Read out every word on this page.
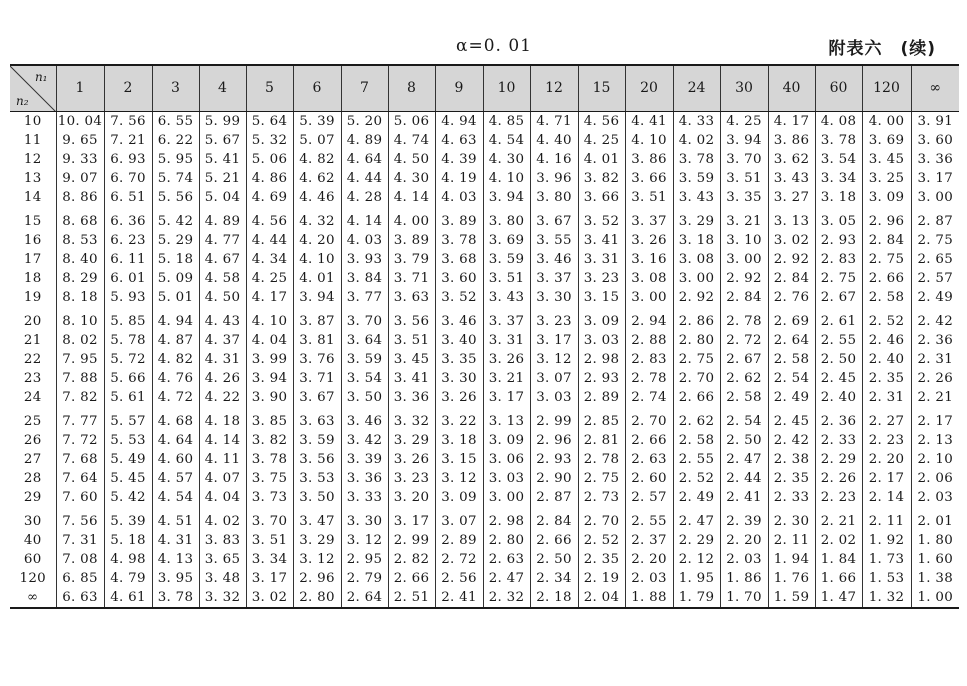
α=0. 01	附表六　(续)
n₁
n₂	1	2	3	4	5	6	7	8	9	10	12	15	20	24	30	40	60	120	∞
10	10. 04	7. 56	6. 55	5. 99	5. 64	5. 39	5. 20	5. 06	4. 94	4. 85	4. 71	4. 56	4. 41	4. 33	4. 25	4. 17	4. 08	4. 00	3. 91
11	9. 65	7. 21	6. 22	5. 67	5. 32	5. 07	4. 89	4. 74	4. 63	4. 54	4. 40	4. 25	4. 10	4. 02	3. 94	3. 86	3. 78	3. 69	3. 60
12	9. 33	6. 93	5. 95	5. 41	5. 06	4. 82	4. 64	4. 50	4. 39	4. 30	4. 16	4. 01	3. 86	3. 78	3. 70	3. 62	3. 54	3. 45	3. 36
13	9. 07	6. 70	5. 74	5. 21	4. 86	4. 62	4. 44	4. 30	4. 19	4. 10	3. 96	3. 82	3. 66	3. 59	3. 51	3. 43	3. 34	3. 25	3. 17
14	8. 86	6. 51	5. 56	5. 04	4. 69	4. 46	4. 28	4. 14	4. 03	3. 94	3. 80	3. 66	3. 51	3. 43	3. 35	3. 27	3. 18	3. 09	3. 00
15	8. 68	6. 36	5. 42	4. 89	4. 56	4. 32	4. 14	4. 00	3. 89	3. 80	3. 67	3. 52	3. 37	3. 29	3. 21	3. 13	3. 05	2. 96	2. 87
16	8. 53	6. 23	5. 29	4. 77	4. 44	4. 20	4. 03	3. 89	3. 78	3. 69	3. 55	3. 41	3. 26	3. 18	3. 10	3. 02	2. 93	2. 84	2. 75
17	8. 40	6. 11	5. 18	4. 67	4. 34	4. 10	3. 93	3. 79	3. 68	3. 59	3. 46	3. 31	3. 16	3. 08	3. 00	2. 92	2. 83	2. 75	2. 65
18	8. 29	6. 01	5. 09	4. 58	4. 25	4. 01	3. 84	3. 71	3. 60	3. 51	3. 37	3. 23	3. 08	3. 00	2. 92	2. 84	2. 75	2. 66	2. 57
19	8. 18	5. 93	5. 01	4. 50	4. 17	3. 94	3. 77	3. 63	3. 52	3. 43	3. 30	3. 15	3. 00	2. 92	2. 84	2. 76	2. 67	2. 58	2. 49
20	8. 10	5. 85	4. 94	4. 43	4. 10	3. 87	3. 70	3. 56	3. 46	3. 37	3. 23	3. 09	2. 94	2. 86	2. 78	2. 69	2. 61	2. 52	2. 42
21	8. 02	5. 78	4. 87	4. 37	4. 04	3. 81	3. 64	3. 51	3. 40	3. 31	3. 17	3. 03	2. 88	2. 80	2. 72	2. 64	2. 55	2. 46	2. 36
22	7. 95	5. 72	4. 82	4. 31	3. 99	3. 76	3. 59	3. 45	3. 35	3. 26	3. 12	2. 98	2. 83	2. 75	2. 67	2. 58	2. 50	2. 40	2. 31
23	7. 88	5. 66	4. 76	4. 26	3. 94	3. 71	3. 54	3. 41	3. 30	3. 21	3. 07	2. 93	2. 78	2. 70	2. 62	2. 54	2. 45	2. 35	2. 26
24	7. 82	5. 61	4. 72	4. 22	3. 90	3. 67	3. 50	3. 36	3. 26	3. 17	3. 03	2. 89	2. 74	2. 66	2. 58	2. 49	2. 40	2. 31	2. 21
25	7. 77	5. 57	4. 68	4. 18	3. 85	3. 63	3. 46	3. 32	3. 22	3. 13	2. 99	2. 85	2. 70	2. 62	2. 54	2. 45	2. 36	2. 27	2. 17
26	7. 72	5. 53	4. 64	4. 14	3. 82	3. 59	3. 42	3. 29	3. 18	3. 09	2. 96	2. 81	2. 66	2. 58	2. 50	2. 42	2. 33	2. 23	2. 13
27	7. 68	5. 49	4. 60	4. 11	3. 78	3. 56	3. 39	3. 26	3. 15	3. 06	2. 93	2. 78	2. 63	2. 55	2. 47	2. 38	2. 29	2. 20	2. 10
28	7. 64	5. 45	4. 57	4. 07	3. 75	3. 53	3. 36	3. 23	3. 12	3. 03	2. 90	2. 75	2. 60	2. 52	2. 44	2. 35	2. 26	2. 17	2. 06
29	7. 60	5. 42	4. 54	4. 04	3. 73	3. 50	3. 33	3. 20	3. 09	3. 00	2. 87	2. 73	2. 57	2. 49	2. 41	2. 33	2. 23	2. 14	2. 03
30	7. 56	5. 39	4. 51	4. 02	3. 70	3. 47	3. 30	3. 17	3. 07	2. 98	2. 84	2. 70	2. 55	2. 47	2. 39	2. 30	2. 21	2. 11	2. 01
40	7. 31	5. 18	4. 31	3. 83	3. 51	3. 29	3. 12	2. 99	2. 89	2. 80	2. 66	2. 52	2. 37	2. 29	2. 20	2. 11	2. 02	1. 92	1. 80
60	7. 08	4. 98	4. 13	3. 65	3. 34	3. 12	2. 95	2. 82	2. 72	2. 63	2. 50	2. 35	2. 20	2. 12	2. 03	1. 94	1. 84	1. 73	1. 60
120	6. 85	4. 79	3. 95	3. 48	3. 17	2. 96	2. 79	2. 66	2. 56	2. 47	2. 34	2. 19	2. 03	1. 95	1. 86	1. 76	1. 66	1. 53	1. 38
∞	6. 63	4. 61	3. 78	3. 32	3. 02	2. 80	2. 64	2. 51	2. 41	2. 32	2. 18	2. 04	1. 88	1. 79	1. 70	1. 59	1. 47	1. 32	1. 00
